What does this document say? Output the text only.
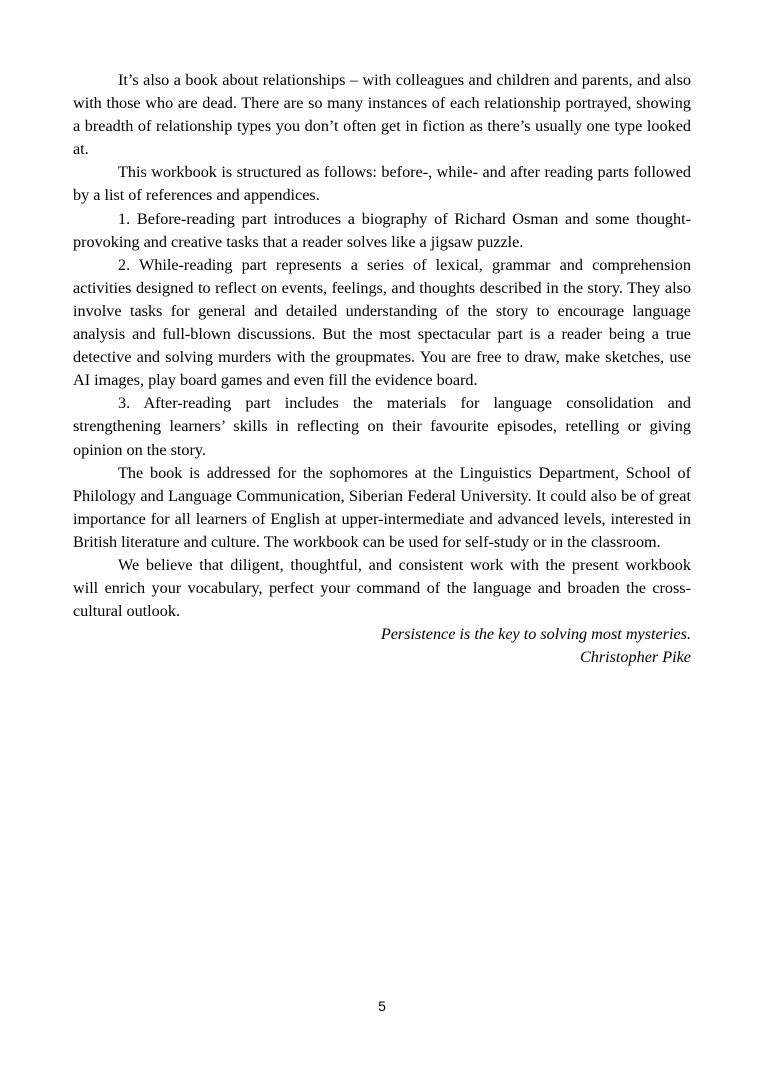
It’s also a book about relationships – with colleagues and children and parents, and also with those who are dead. There are so many instances of each relationship portrayed, showing a breadth of relationship types you don’t often get in fiction as there’s usually one type looked at.

This workbook is structured as follows: before-, while- and after reading parts followed by a list of references and appendices.

1. Before-reading part introduces a biography of Richard Osman and some thought-provoking and creative tasks that a reader solves like a jigsaw puzzle.

2. While-reading part represents a series of lexical, grammar and comprehension activities designed to reflect on events, feelings, and thoughts described in the story. They also involve tasks for general and detailed understanding of the story to encourage language analysis and full-blown discussions. But the most spectacular part is a reader being a true detective and solving murders with the groupmates. You are free to draw, make sketches, use AI images, play board games and even fill the evidence board.

3. After-reading part includes the materials for language consolidation and strengthening learners’ skills in reflecting on their favourite episodes, retelling or giving opinion on the story.

The book is addressed for the sophomores at the Linguistics Department, School of Philology and Language Communication, Siberian Federal University. It could also be of great importance for all learners of English at upper-intermediate and advanced levels, interested in British literature and culture. The workbook can be used for self-study or in the classroom.

We believe that diligent, thoughtful, and consistent work with the present workbook will enrich your vocabulary, perfect your command of the language and broaden the cross-cultural outlook.

Persistence is the key to solving most mysteries.

Christopher Pike

5
